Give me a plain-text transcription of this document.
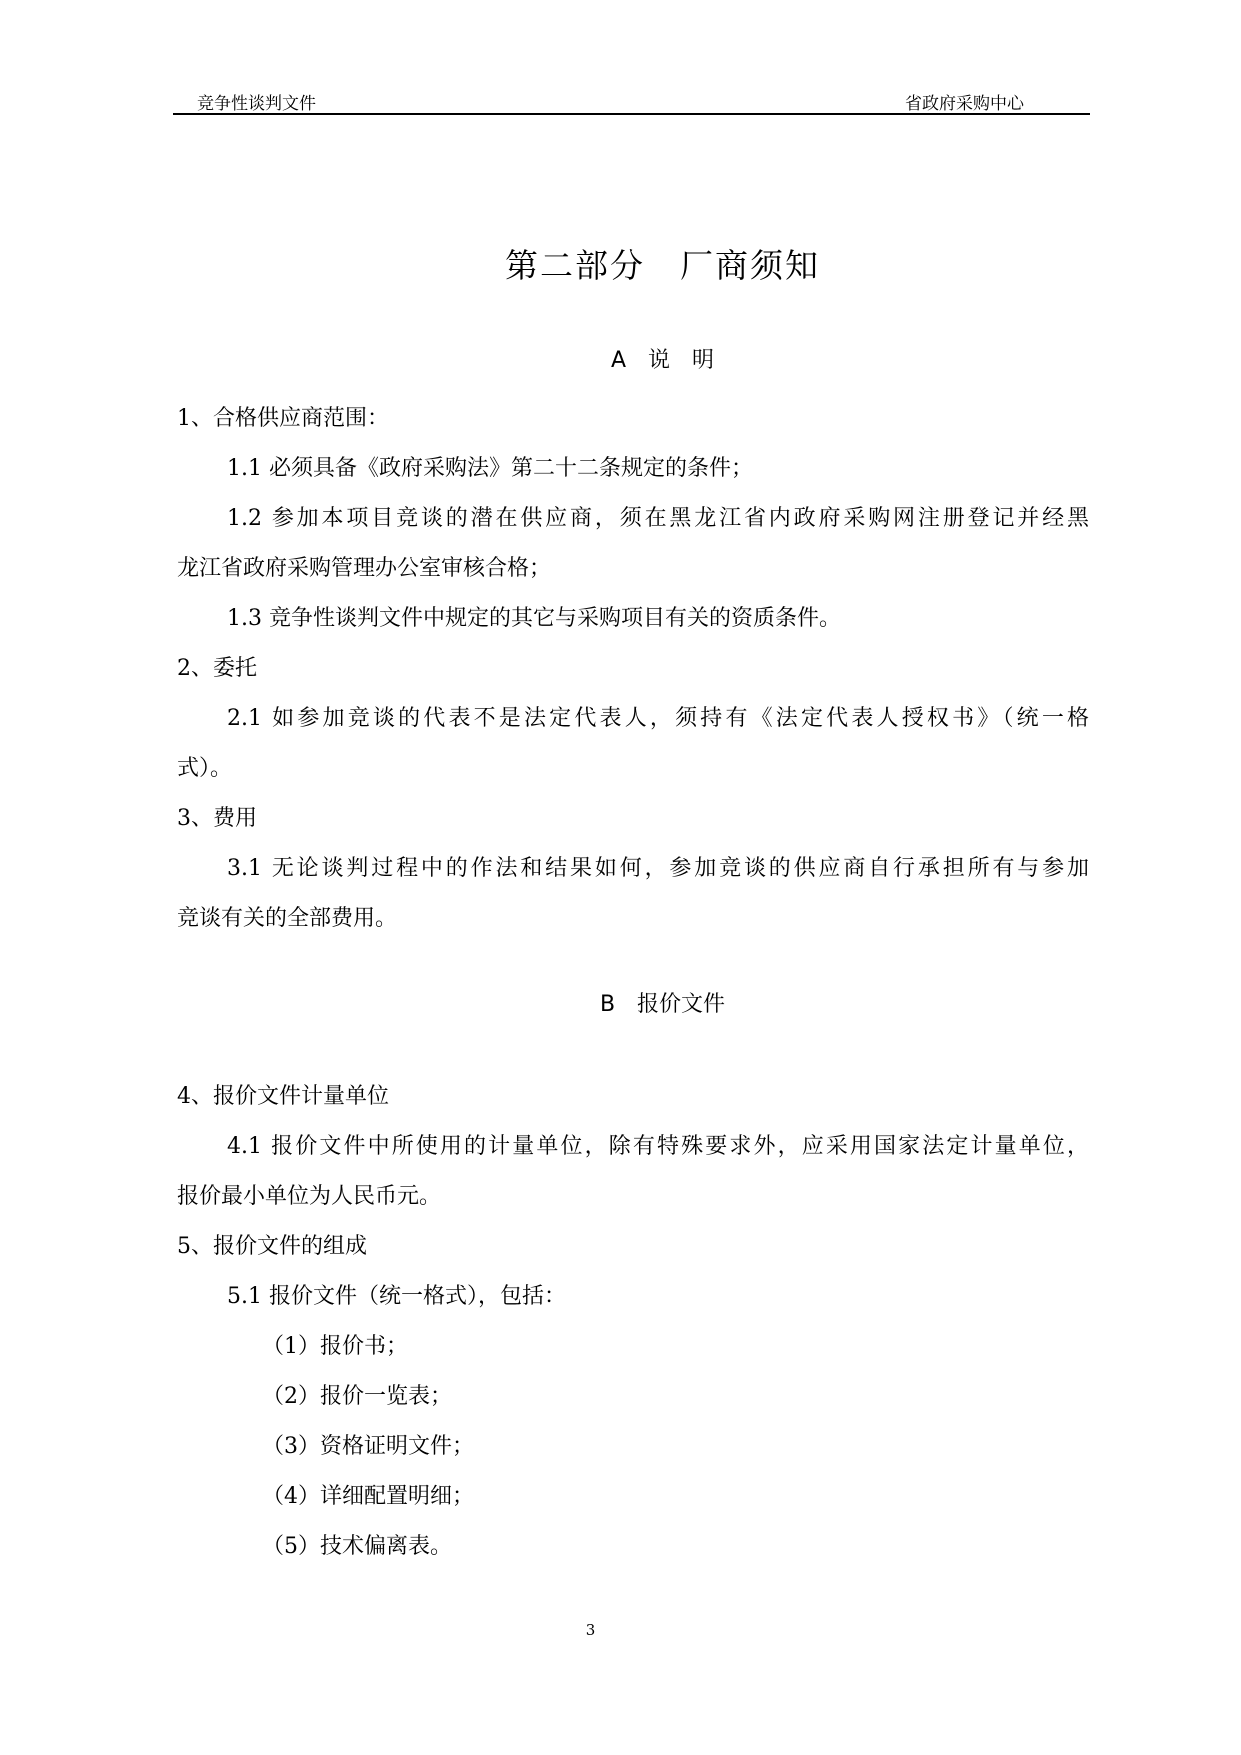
竞争性谈判文件	省政府采购中心
第二部分　厂商须知
A　说　明
1、合格供应商范围：
1.1 必须具备《政府采购法》第二十二条规定的条件；
1.2 参加本项目竞谈的潜在供应商，须在黑龙江省内政府采购网注册登记并经黑
龙江省政府采购管理办公室审核合格；
1.3 竞争性谈判文件中规定的其它与采购项目有关的资质条件。
2、委托
2.1 如参加竞谈的代表不是法定代表人，须持有《法定代表人授权书》（统一格
式）。
3、费用
3.1 无论谈判过程中的作法和结果如何，参加竞谈的供应商自行承担所有与参加
竞谈有关的全部费用。
B　报价文件
4、报价文件计量单位
4.1 报价文件中所使用的计量单位，除有特殊要求外，应采用国家法定计量单位，
报价最小单位为人民币元。
5、报价文件的组成
5.1 报价文件（统一格式），包括：
（1）报价书；
（2）报价一览表；
（3）资格证明文件；
（4）详细配置明细；
（5）技术偏离表。
3
